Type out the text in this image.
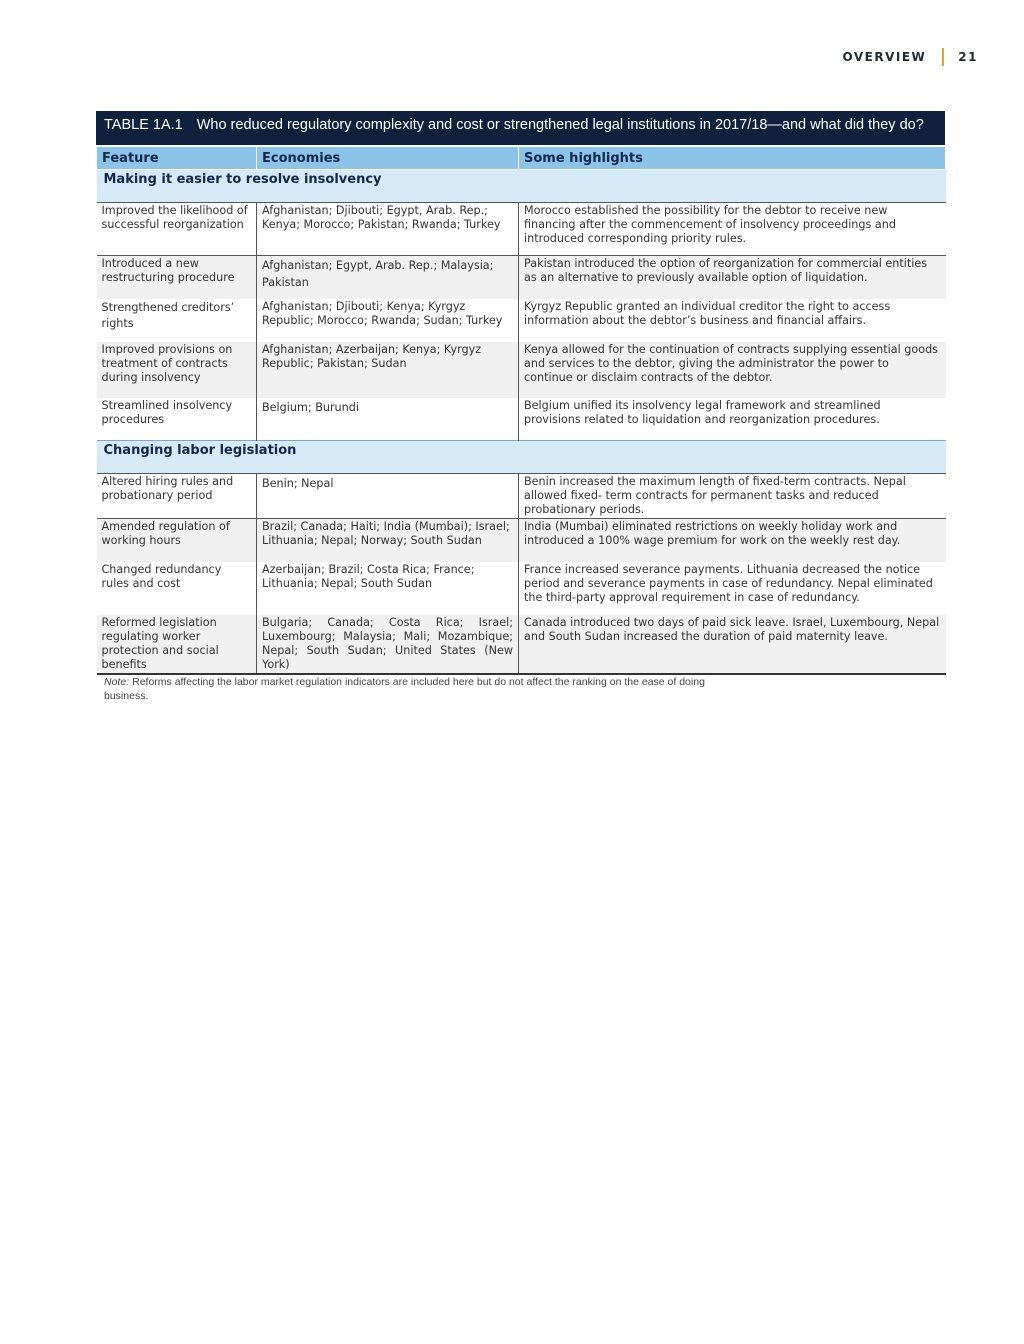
OVERVIEW	21
TABLE 1A.1 Who reduced regulatory complexity and cost or strengthened legal institutions in 2017/18—and what did they do?
Feature	Economies	Some highlights
Making it easier to resolve insolvency		
Improved the likelihood of successful reorganization	Afghanistan; Djibouti; Egypt, Arab. Rep.; Kenya; Morocco; Pakistan; Rwanda; Turkey	Morocco established the possibility for the debtor to receive new financing after the commencement of insolvency proceedings and introduced corresponding priority rules.
Introduced a new restructuring procedure	Afghanistan; Egypt, Arab. Rep.; Malaysia; Pakistan	Pakistan introduced the option of reorganization for commercial entities as an alternative to previously available option of liquidation.
Strengthened creditors’ rights	Afghanistan; Djibouti; Kenya; Kyrgyz Republic; Morocco; Rwanda; Sudan; Turkey	Kyrgyz Republic granted an individual creditor the right to access information about the debtor’s business and financial affairs.
Improved provisions on treatment of contracts during insolvency	Afghanistan; Azerbaijan; Kenya; Kyrgyz Republic; Pakistan; Sudan	Kenya allowed for the continuation of contracts supplying essential goods and services to the debtor, giving the administrator the power to continue or disclaim contracts of the debtor.
Streamlined insolvency procedures	Belgium; Burundi	Belgium unified its insolvency legal framework and streamlined provisions related to liquidation and reorganization procedures.
Changing labor legislation		
Altered hiring rules and probationary period	Benin; Nepal	Benin increased the maximum length of fixed-term contracts. Nepal allowed fixed- term contracts for permanent tasks and reduced probationary periods.
Amended regulation of working hours	Brazil; Canada; Haiti; India (Mumbai); Israel; Lithuania; Nepal; Norway; South Sudan	India (Mumbai) eliminated restrictions on weekly holiday work and introduced a 100% wage premium for work on the weekly rest day.
Changed redundancy rules and cost	Azerbaijan; Brazil; Costa Rica; France; Lithuania; Nepal; South Sudan	France increased severance payments. Lithuania decreased the notice period and severance payments in case of redundancy. Nepal eliminated the third-party approval requirement in case of redundancy.
Reformed legislation regulating worker protection and social benefits	Bulgaria; Canada; Costa Rica; Israel; Luxembourg; Malaysia; Mali; Mozambique; Nepal; South Sudan; United States (New York)	Canada introduced two days of paid sick leave. Israel, Luxembourg, Nepal and South Sudan increased the duration of paid maternity leave.
Note: Reforms affecting the labor market regulation indicators are included here but do not affect the ranking on the ease of doing business.
